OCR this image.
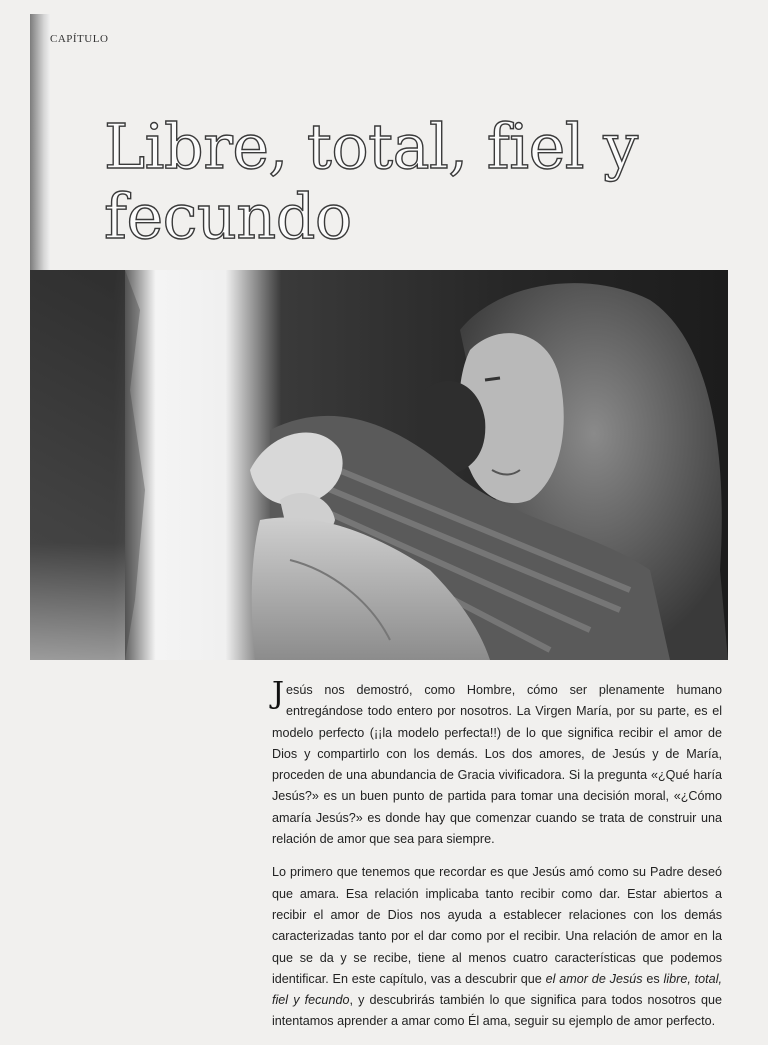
CAPÍTULO
Libre, total, fiel y fecundo

Jesús nos demostró, como Hombre, cómo ser plenamente humano entregándose todo entero por nosotros. La Virgen María, por su parte, es el modelo perfecto (¡¡la modelo perfecta!!) de lo que significa recibir el amor de Dios y compartirlo con los demás. Los dos amores, de Jesús y de María, proceden de una abundancia de Gracia vivificadora. Si la pregunta «¿Qué haría Jesús?» es un buen punto de partida para tomar una decisión moral, «¿Cómo amaría Jesús?» es donde hay que comenzar cuando se trata de construir una relación de amor que sea para siempre.

Lo primero que tenemos que recordar es que Jesús amó como su Padre deseó que amara. Esa relación implicaba tanto recibir como dar. Estar abiertos a recibir el amor de Dios nos ayuda a establecer relaciones con los demás caracterizadas tanto por el dar como por el recibir. Una relación de amor en la que se da y se recibe, tiene al menos cuatro características que podemos identificar. En este capítulo, vas a descubrir que el amor de Jesús es libre, total, fiel y fecundo, y descubrirás también lo que significa para todos nosotros que intentamos aprender a amar como Él ama, seguir su ejemplo de amor perfecto.
